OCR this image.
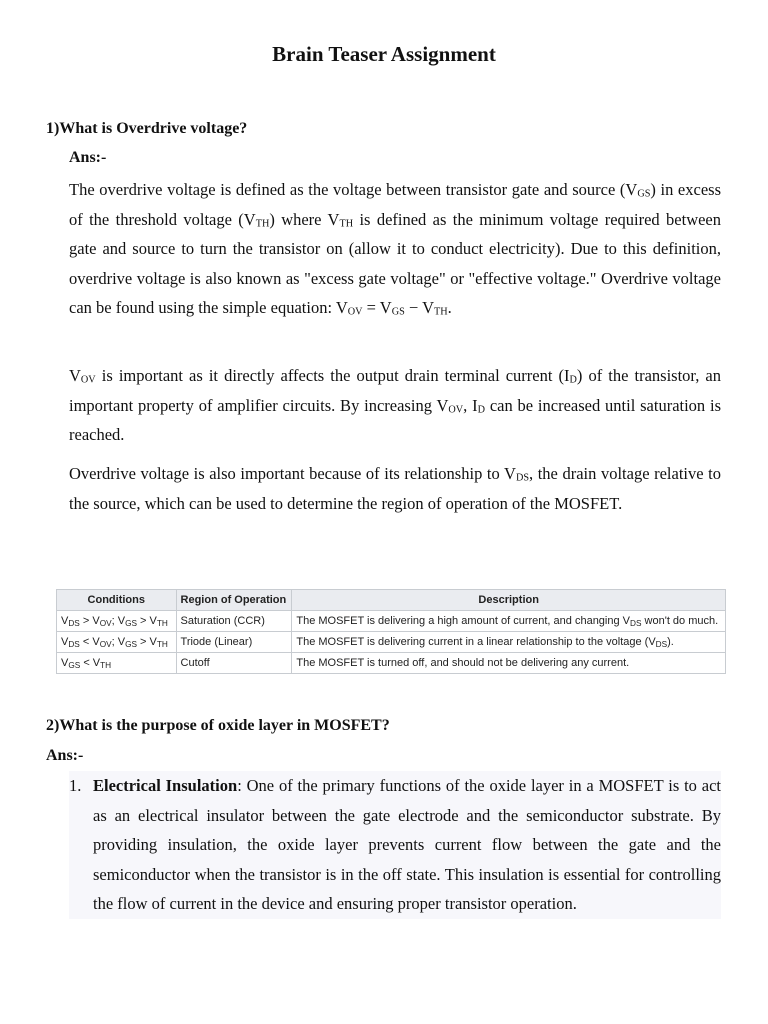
Brain Teaser Assignment
1)What is Overdrive voltage?
Ans:-

The overdrive voltage is defined as the voltage between transistor gate and source $(V_{GS})$ in excess of the threshold voltage $(V_{TH})$ where $V_{TH}$ is defined as the minimum voltage required between gate and source to turn the transistor on (allow it to conduct electricity). Due to this definition, overdrive voltage is also known as "excess gate voltage" or "effective voltage." Overdrive voltage can be found using the simple equation: $V_{OV} = V_{GS} - V_{TH}$.

$V_{OV}$ is important as it directly affects the output drain terminal current $(I_D)$ of the transistor, an important property of amplifier circuits. By increasing $V_{OV}$, $I_D$ can be increased until saturation is reached.

Overdrive voltage is also important because of its relationship to $V_{DS}$, the drain voltage relative to the source, which can be used to determine the region of operation of the MOSFET.

Conditions	Region of Operation	Description
$V_{DS} > V_{OV}$; $V_{GS} > V_{TH}$	Saturation (CCR)	The MOSFET is delivering a high amount of current, and changing $V_{DS}$ won't do much.
$V_{DS} < V_{OV}$; $V_{GS} > V_{TH}$	Triode (Linear)	The MOSFET is delivering current in a linear relationship to the voltage $(V_{DS})$.
$V_{GS} < V_{TH}$	Cutoff	The MOSFET is turned off, and should not be delivering any current.
2)What is the purpose of oxide layer in MOSFET?
Ans:-
1. Electrical Insulation: One of the primary functions of the oxide layer in a MOSFET is to act as an electrical insulator between the gate electrode and the semiconductor substrate. By providing insulation, the oxide layer prevents current flow between the gate and the semiconductor when the transistor is in the off state. This insulation is essential for controlling the flow of current in the device and ensuring proper transistor operation.
